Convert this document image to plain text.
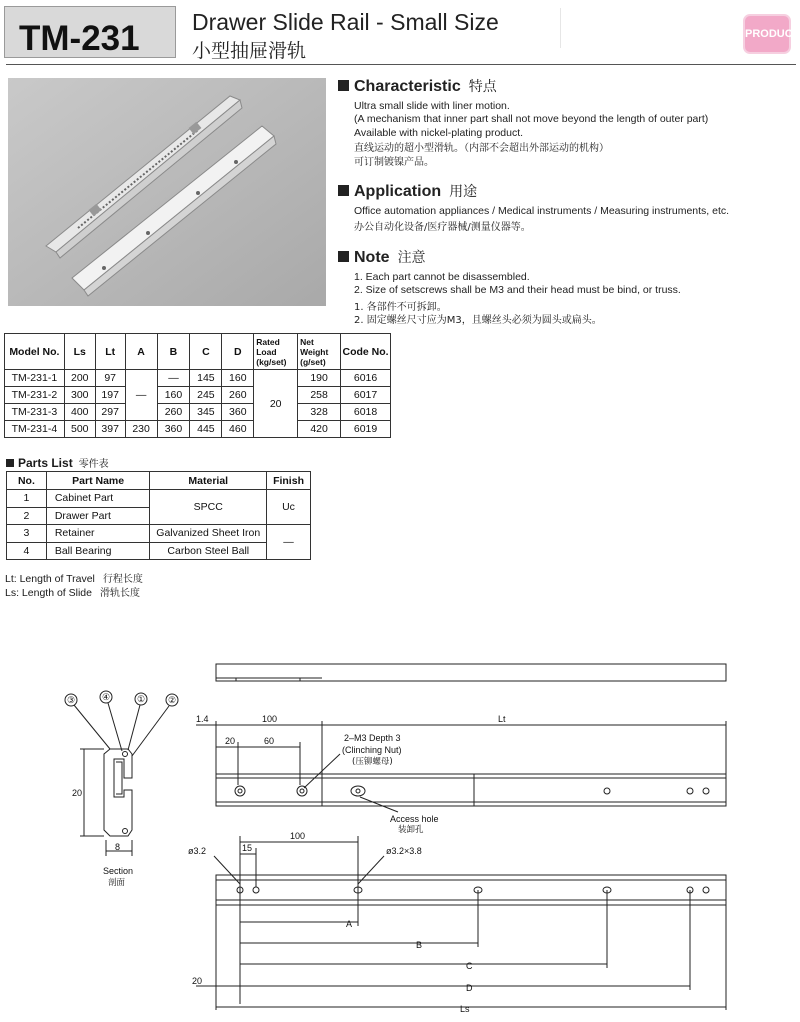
TM-231 Drawer Slide Rail - Small Size
小型抽屉滑轨
PRODUCT
Characteristic 特点
Ultra small slide with liner motion.
(A mechanism that inner part shall not move beyond the length of outer part)
Available with nickel-plating product.
直线运动的超小型滑轨。（内部不会超出外部运动的机构）
可订制镀镍产品。
Application 用途
Office automation appliances / Medical instruments / Measuring instruments, etc.
办公自动化设备/医疗器械/测量仪器等。
Note 注意
1. Each part cannot be disassembled.
2. Size of setscrews shall be M3 and their head must be bind, or truss.
1. 各部件不可拆卸。
2. 固定螺丝尺寸应为M3，且螺丝头必须为圆头或扁头。
Model No.	Ls	Lt	A	B	C	D	Rated Load (kg/set)	Net Weight (g/set)	Code No.
TM-231-1	200	97	—	—	145	160	20	190	6016
TM-231-2	300	197		160	245	260		258	6017
TM-231-3	400	297		260	345	360		328	6018
TM-231-4	500	397	230	360	445	460		420	6019
Parts List 零件表
No.	Part Name	Material	Finish
1	Cabinet Part	SPCC	Uc
2	Drawer Part		
3	Retainer	Galvanized Sheet Iron	—
4	Ball Bearing	Carbon Steel Ball	
Lt: Length of Travel 行程长度
Ls: Length of Slide 滑轨长度
③	④	①	②
20
8
Section
剖面
1.4	100	Lt
20	60	2–M3 Depth 3
(Clinching Nut)
(压铆螺母)
Access hole
装卸孔
100
ø3.2	15	ø3.2×3.8
A
B
C
D
20
Ls
